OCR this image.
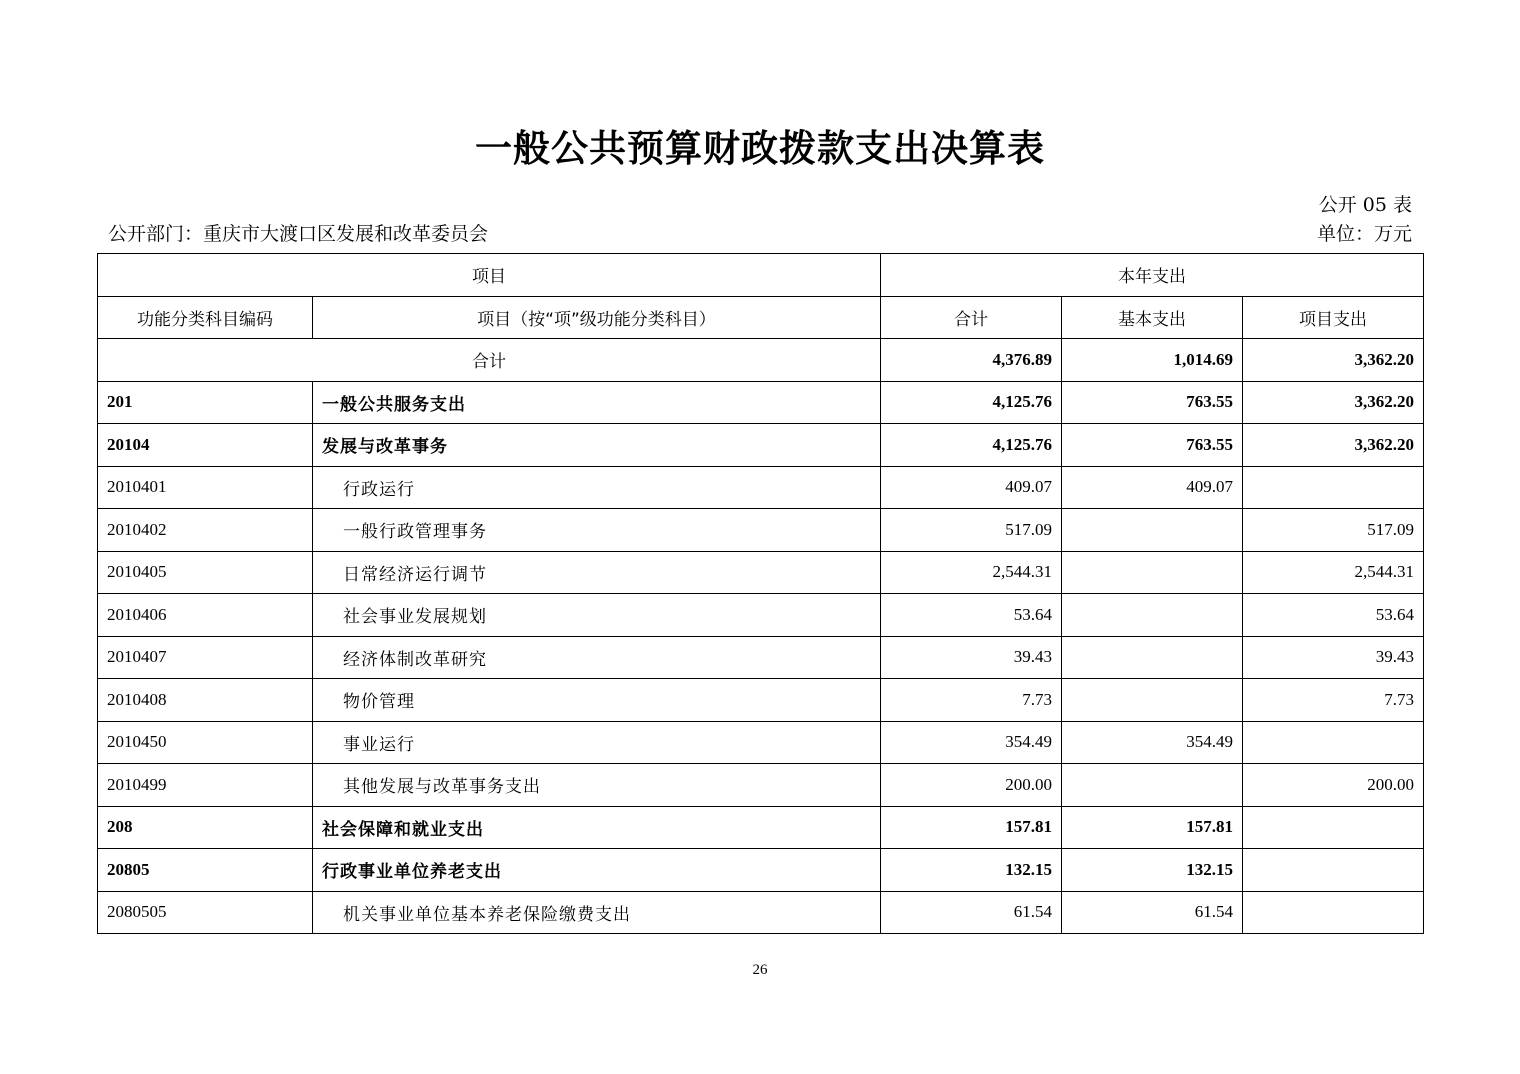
一般公共预算财政拨款支出决算表
公开 05 表
公开部门：重庆市大渡口区发展和改革委员会	单位：万元
项目		本年支出		
功能分类科目编码	项目（按“项”级功能分类科目）	合计	基本支出	项目支出
合计		4,376.89	1,014.69	3,362.20
201	一般公共服务支出	4,125.76	763.55	3,362.20
20104	发展与改革事务	4,125.76	763.55	3,362.20
2010401	行政运行	409.07	409.07	
2010402	一般行政管理事务	517.09		517.09
2010405	日常经济运行调节	2,544.31		2,544.31
2010406	社会事业发展规划	53.64		53.64
2010407	经济体制改革研究	39.43		39.43
2010408	物价管理	7.73		7.73
2010450	事业运行	354.49	354.49	
2010499	其他发展与改革事务支出	200.00		200.00
208	社会保障和就业支出	157.81	157.81	
20805	行政事业单位养老支出	132.15	132.15	
2080505	机关事业单位基本养老保险缴费支出	61.54	61.54	
26
